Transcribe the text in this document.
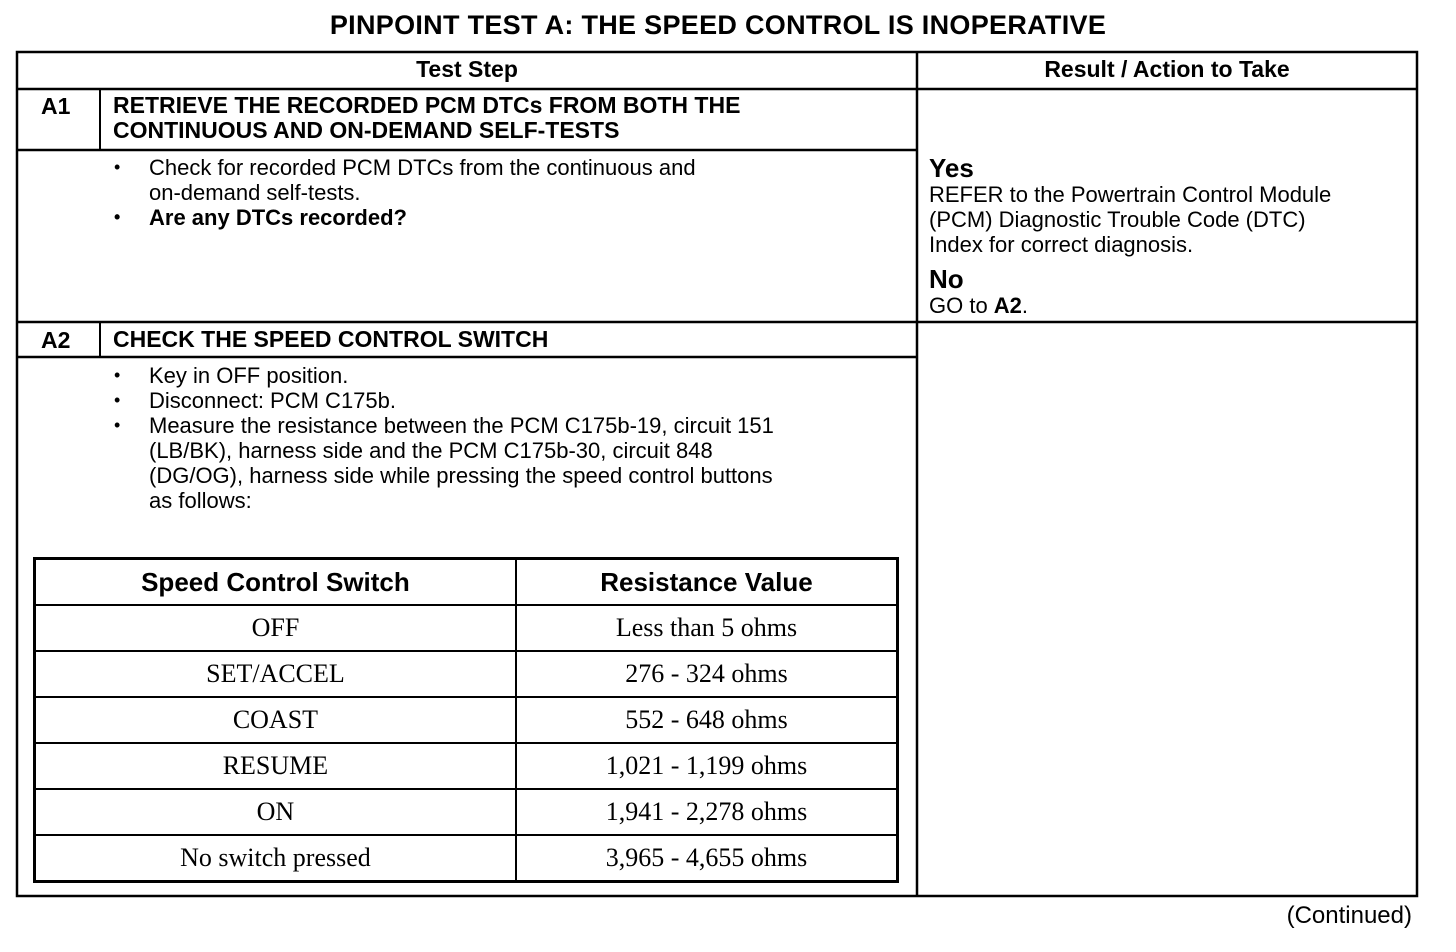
PINPOINT TEST A: THE SPEED CONTROL IS INOPERATIVE
Test Step	Result / Action to Take
A1 RETRIEVE THE RECORDED PCM DTCs FROM BOTH THE
CONTINUOUS AND ON-DEMAND SELF-TESTS
• Check for recorded PCM DTCs from the continuous and
on-demand self-tests.
• Are any DTCs recorded?
Yes
REFER to the Powertrain Control Module
(PCM) Diagnostic Trouble Code (DTC)
Index for correct diagnosis.
No
GO to A2.
A2 CHECK THE SPEED CONTROL SWITCH
• Key in OFF position.
• Disconnect: PCM C175b.
• Measure the resistance between the PCM C175b-19, circuit 151
(LB/BK), harness side and the PCM C175b-30, circuit 848
(DG/OG), harness side while pressing the speed control buttons
as follows:
Speed Control Switch	Resistance Value
OFF	Less than 5 ohms
SET/ACCEL	276 - 324 ohms
COAST	552 - 648 ohms
RESUME	1,021 - 1,199 ohms
ON	1,941 - 2,278 ohms
No switch pressed	3,965 - 4,655 ohms
(Continued)
